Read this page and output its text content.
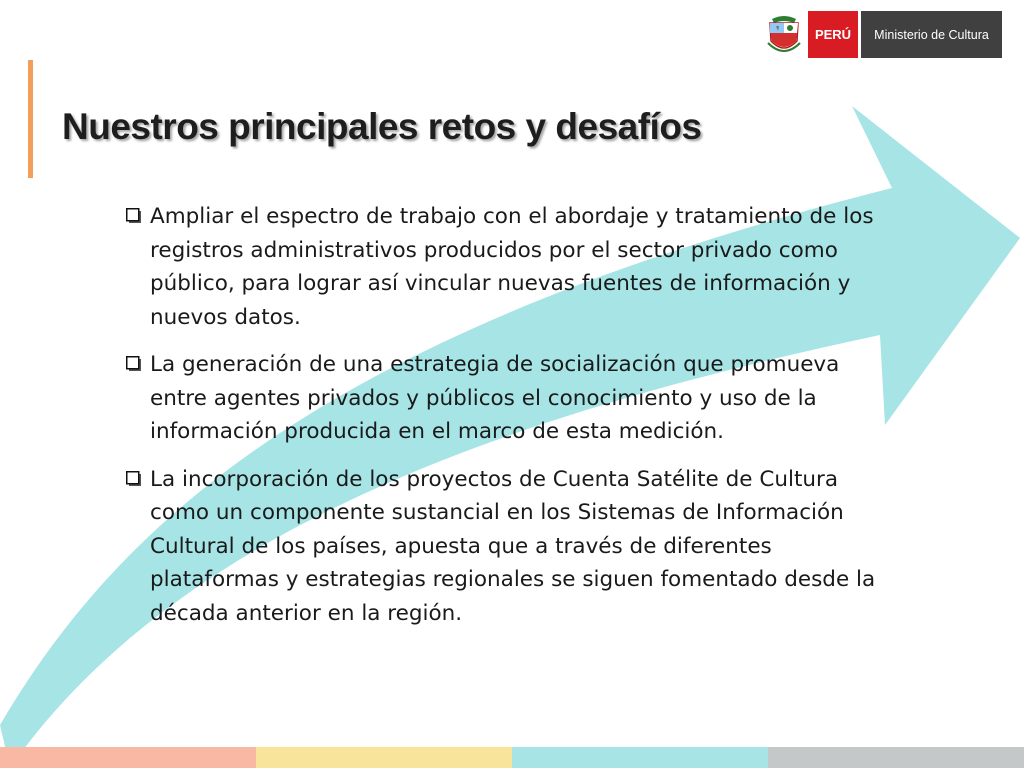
PERÚ	Ministerio de Cultura
Nuestros principales retos y desafíos
Ampliar el espectro de trabajo con el abordaje y tratamiento de los registros administrativos producidos por el sector privado como público, para lograr así vincular nuevas fuentes de información y nuevos datos.
La generación de una estrategia de socialización que promueva entre agentes privados y públicos el conocimiento y uso de la información producida en el marco de esta medición.
La incorporación de los proyectos de Cuenta Satélite de Cultura como un componente sustancial en los Sistemas de Información Cultural de los países, apuesta que a través de diferentes plataformas y estrategias regionales se siguen fomentado desde la década anterior en la región.
